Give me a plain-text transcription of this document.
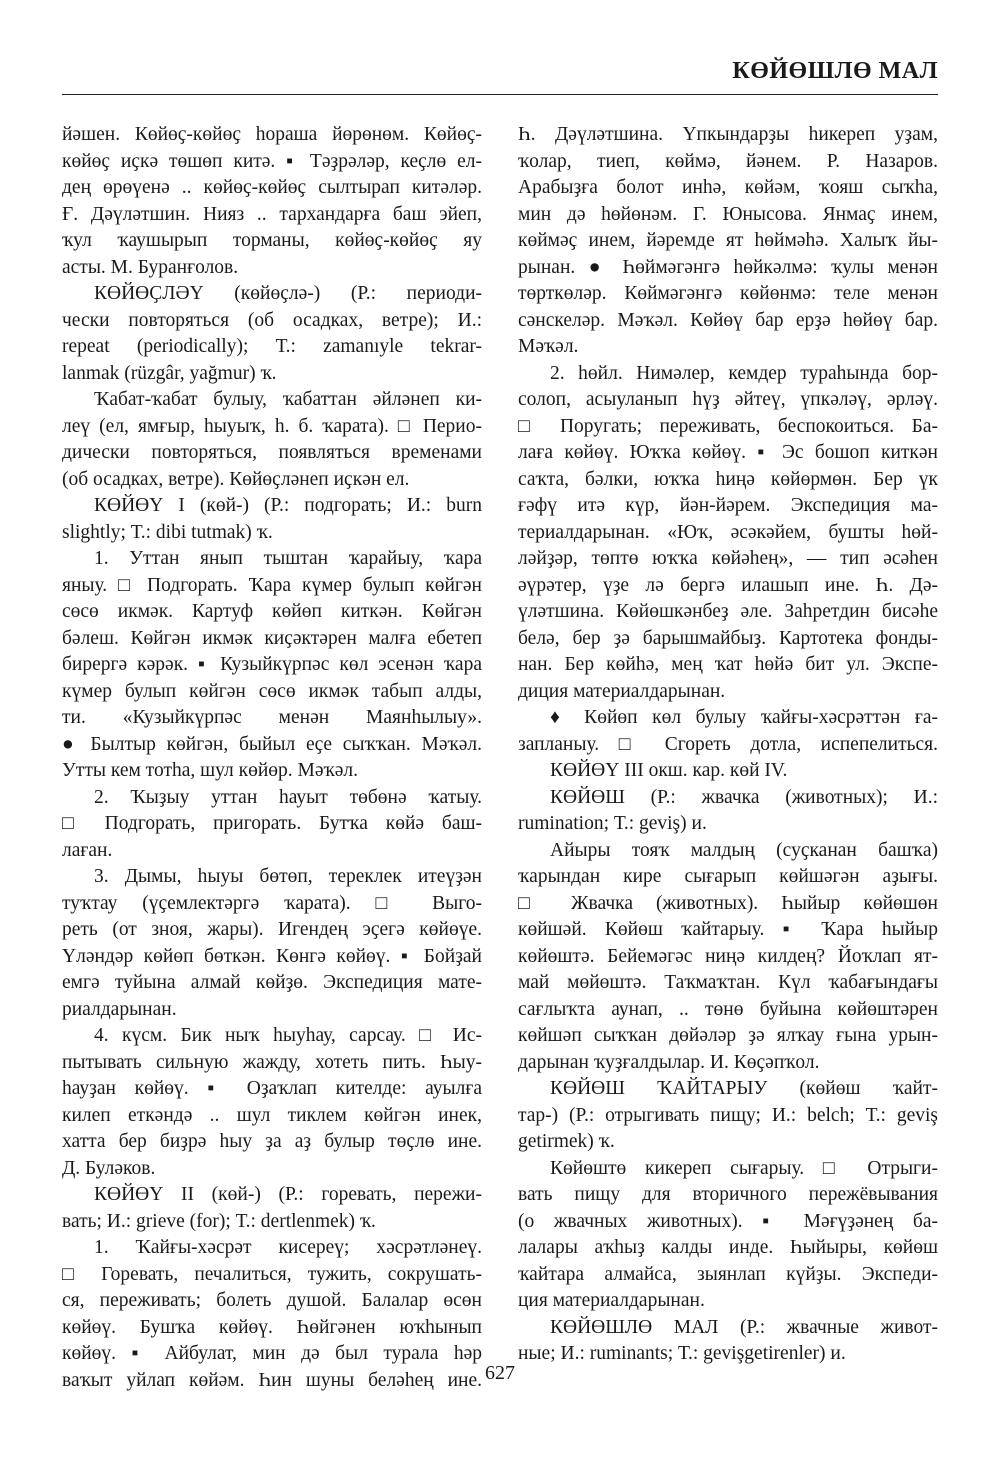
КӨЙӨШЛӨ МАЛ
йәшен. Көйөҫ-көйөҫ һораша йөрөнөм. Көйөҫ-
көйөҫ иҫкә төшөп китә. ▪ Тәҙрәләр, кеҫлө ел-
дең өрөүенә .. көйөҫ-көйөҫ сылтырап китәләр.
Ғ. Дәүләтшин. Нияз .. тархандарға баш эйеп,
ҡул ҡаушырып торманы, көйөҫ-көйөҫ яу
асты. М. Буранғолов.
КӨЙӨҪЛӘҮ (көйөҫлә-) (Р.: периоди-
чески повторяться (об осадках, ветре); И.:
repeat (periodically); Т.: zamanıyle tekrar-
lanmak (rüzgâr, yağmur) ҡ.
Ҡабат-ҡабат булыу, ҡабаттан әйләнеп ки-
леү (ел, ямғыр, һыуыҡ, һ. б. ҡарата). □ Перио-
дически повторяться, появляться временами
(об осадках, ветре). Көйөҫләнеп иҫкән ел.
КӨЙӨҮ I (көй-) (Р.: подгорать; И.: burn
slightly; Т.: dibi tutmak) ҡ.
1. Уттан янып тыштан ҡарайыу, ҡара
яныу. □ Подгорать. Ҡара күмер булып көйгән
сөсө икмәк. Картуф көйөп киткән. Көйгән
бәлеш. Көйгән икмәк киҫәктәрен малға ебетеп
бирергә кәрәк. ▪ Кузыйкүрпәс көл эсенән ҡара
күмер булып көйгән сөсө икмәк табып алды,
ти. «Кузыйкүрпәс менән Маянһылыу».
● Былтыр көйгән, быйыл еҫе сыҡҡан. Мәҡәл.
Утты кем тотһа, шул көйөр. Мәҡәл.
2. Ҡыҙыу уттан һауыт төбөнә ҡатыу.
□ Подгорать, пригорать. Бутҡа көйә баш-
лаған.
3. Дымы, һыуы бөтөп, тереклек итеүҙән
туҡтау (үҫемлектәргә ҡарата). □ Выго-
реть (от зноя, жары). Игендең эҫегә көйөүе.
Үләндәр көйөп бөткән. Көнгә көйөү. ▪ Бойҙай
емгә туйына алмай көйҙө. Экспедиция мате-
риалдарынан.
4. күсм. Бик ныҡ һыуһау, сарсау. □ Ис-
пытывать сильную жажду, хотеть пить. Һыу-
һауҙан көйөү. ▪ Оҙаҡлап кителде: ауылға
килеп еткәндә .. шул тиклем көйгән инек,
хатта бер биҙрә һыу ҙа аҙ булыр төҫлө ине.
Д. Буләков.
КӨЙӨҮ II (көй-) (Р.: горевать, пережи-
вать; И.: grieve (for); Т.: dertlenmek) ҡ.
1. Ҡайғы-хәсрәт кисереү; хәсрәтләнеү.
□ Горевать, печалиться, тужить, сокрушать-
ся, переживать; болеть душой. Балалар өсөн
көйөү. Бушҡа көйөү. Һөйгәнен юҡһынып
көйөү. ▪ Айбулат, мин дә был турала һәр
ваҡыт уйлап көйәм. Һин шуны беләһең ине.
Һ. Дәүләтшина. Үпкындарҙы һикереп уҙам,
ҡолар, тиеп, көймә, йәнем. Р. Назаров.
Арабыҙға болот инһә, көйәм, ҡояш сыҡһа,
мин дә һөйөнәм. Г. Юнысова. Янмаҫ инем,
көймәҫ инем, йәремде ят һөймәһә. Халыҡ йы-
рынан. ● Һөймәгәнгә һөйкәлмә: ҡулы менән
төрткөләр. Көймәгәнгә көйөнмә: теле менән
сәнскеләр. Мәҡәл. Көйөү бар ерҙә һөйөү бар.
Мәҡәл.
2. һөйл. Нимәлер, кемдер тураһында бор-
солоп, асыуланып һүҙ әйтеү, үпкәләү, әрләү.
□ Поругать; переживать, беспокоиться. Ба-
лаға көйөү. Юҡҡа көйөү. ▪ Эс бошоп киткән
саҡта, бәлки, юҡҡа һиңә көйөрмөн. Бер үк
ғәфү итә күр, йән-йәрем. Экспедиция ма-
териалдарынан. «Юҡ, әсәкәйем, бушты һөй-
ләйҙәр, төптө юҡҡа көйәһең», — тип әсәһен
әүрәтер, үҙе лә бергә илашып ине. Һ. Дә-
үләтшина. Көйөшкәнбеҙ әле. Заһретдин бисәһе
белә, бер ҙә барышмайбыҙ. Картотека фонды-
нан. Бер көйһә, мең ҡат һөйә бит ул. Экспе-
диция материалдарынан.
♦ Көйөп көл булыу ҡайғы-хәсрәттән ға-
запланыу. □ Сгореть дотла, испепелиться.
КӨЙӨҮ III окш. кар. көй IV.
КӨЙӨШ (Р.: жвачка (животных); И.:
rumination; Т.: geviş) и.
Айыры тояҡ малдың (суҫканан башҡа)
ҡарындан кире сығарып көйшәгән аҙығы.
□ Жвачка (животных). Һыйыр көйөшөн
көйшәй. Көйөш ҡайтарыу. ▪ Ҡара һыйыр
көйөштә. Бейемәгәс ниңә килдең? Йоҡлап ят-
май мөйөштә. Таҡмаҡтан. Күл ҡабағындағы
сағлыҡта аунап, .. төнө буйына көйөштәрен
көйшәп сыҡҡан дөйәләр ҙә ялҡау ғына урын-
дарынан ҡуҙғалдылар. И. Көҫәпҡол.
КӨЙӨШ ҠАЙТАРЫУ (көйөш ҡайт-
тар-) (Р.: отрыгивать пищу; И.: belch; Т.: geviş
getirmek) ҡ.
Көйөштө кикереп сығарыу. □ Отрыги-
вать пищу для вторичного пережёвывания
(о жвачных животных). ▪ Мәғүҙәнең ба-
лалары аҡһыҙ калды инде. Һыйыры, көйөш
ҡайтара алмайса, зыянлап күйҙы. Экспеди-
ция материалдарынан.
КӨЙӨШЛӨ МАЛ (Р.: жвачные живот-
ные; И.: ruminants; Т.: gevişgetirenler) и.
627
